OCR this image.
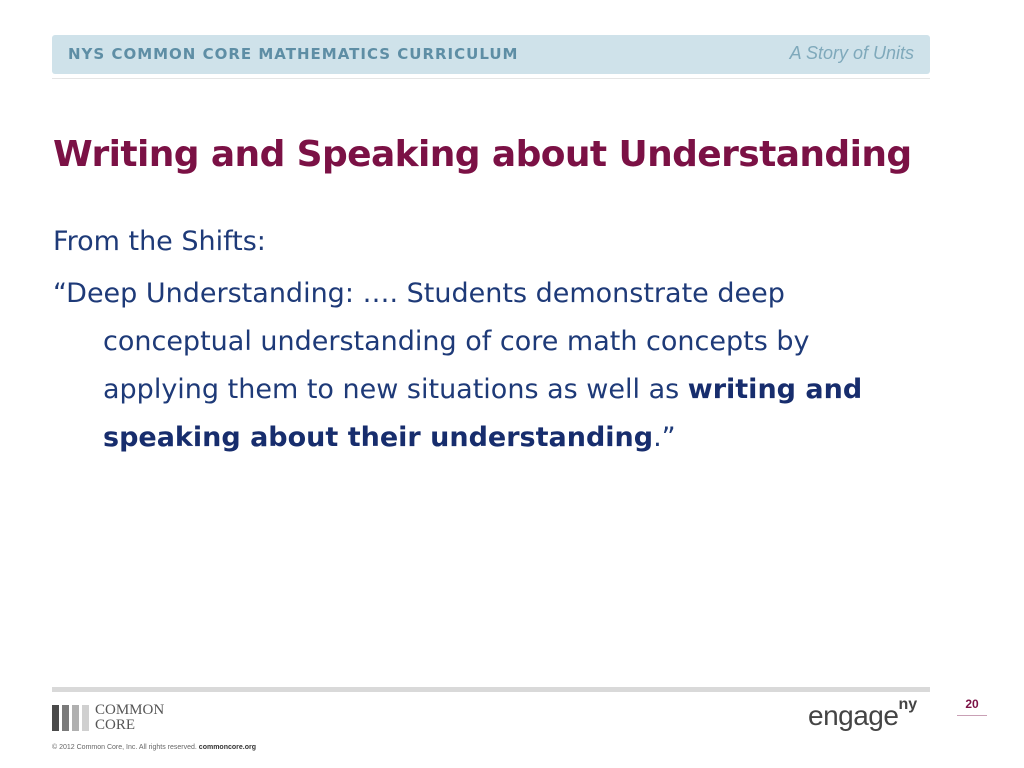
NYS COMMON CORE MATHEMATICS CURRICULUM	A Story of Units
Writing and Speaking about Understanding

From the Shifts:

“Deep Understanding: …. Students demonstrate deep conceptual understanding of core math concepts by applying them to new situations as well as writing and speaking about their understanding.”

COMMON
CORE
© 2012 Common Core, Inc. All rights reserved. commoncore.org
engage$^{ny}$	20
